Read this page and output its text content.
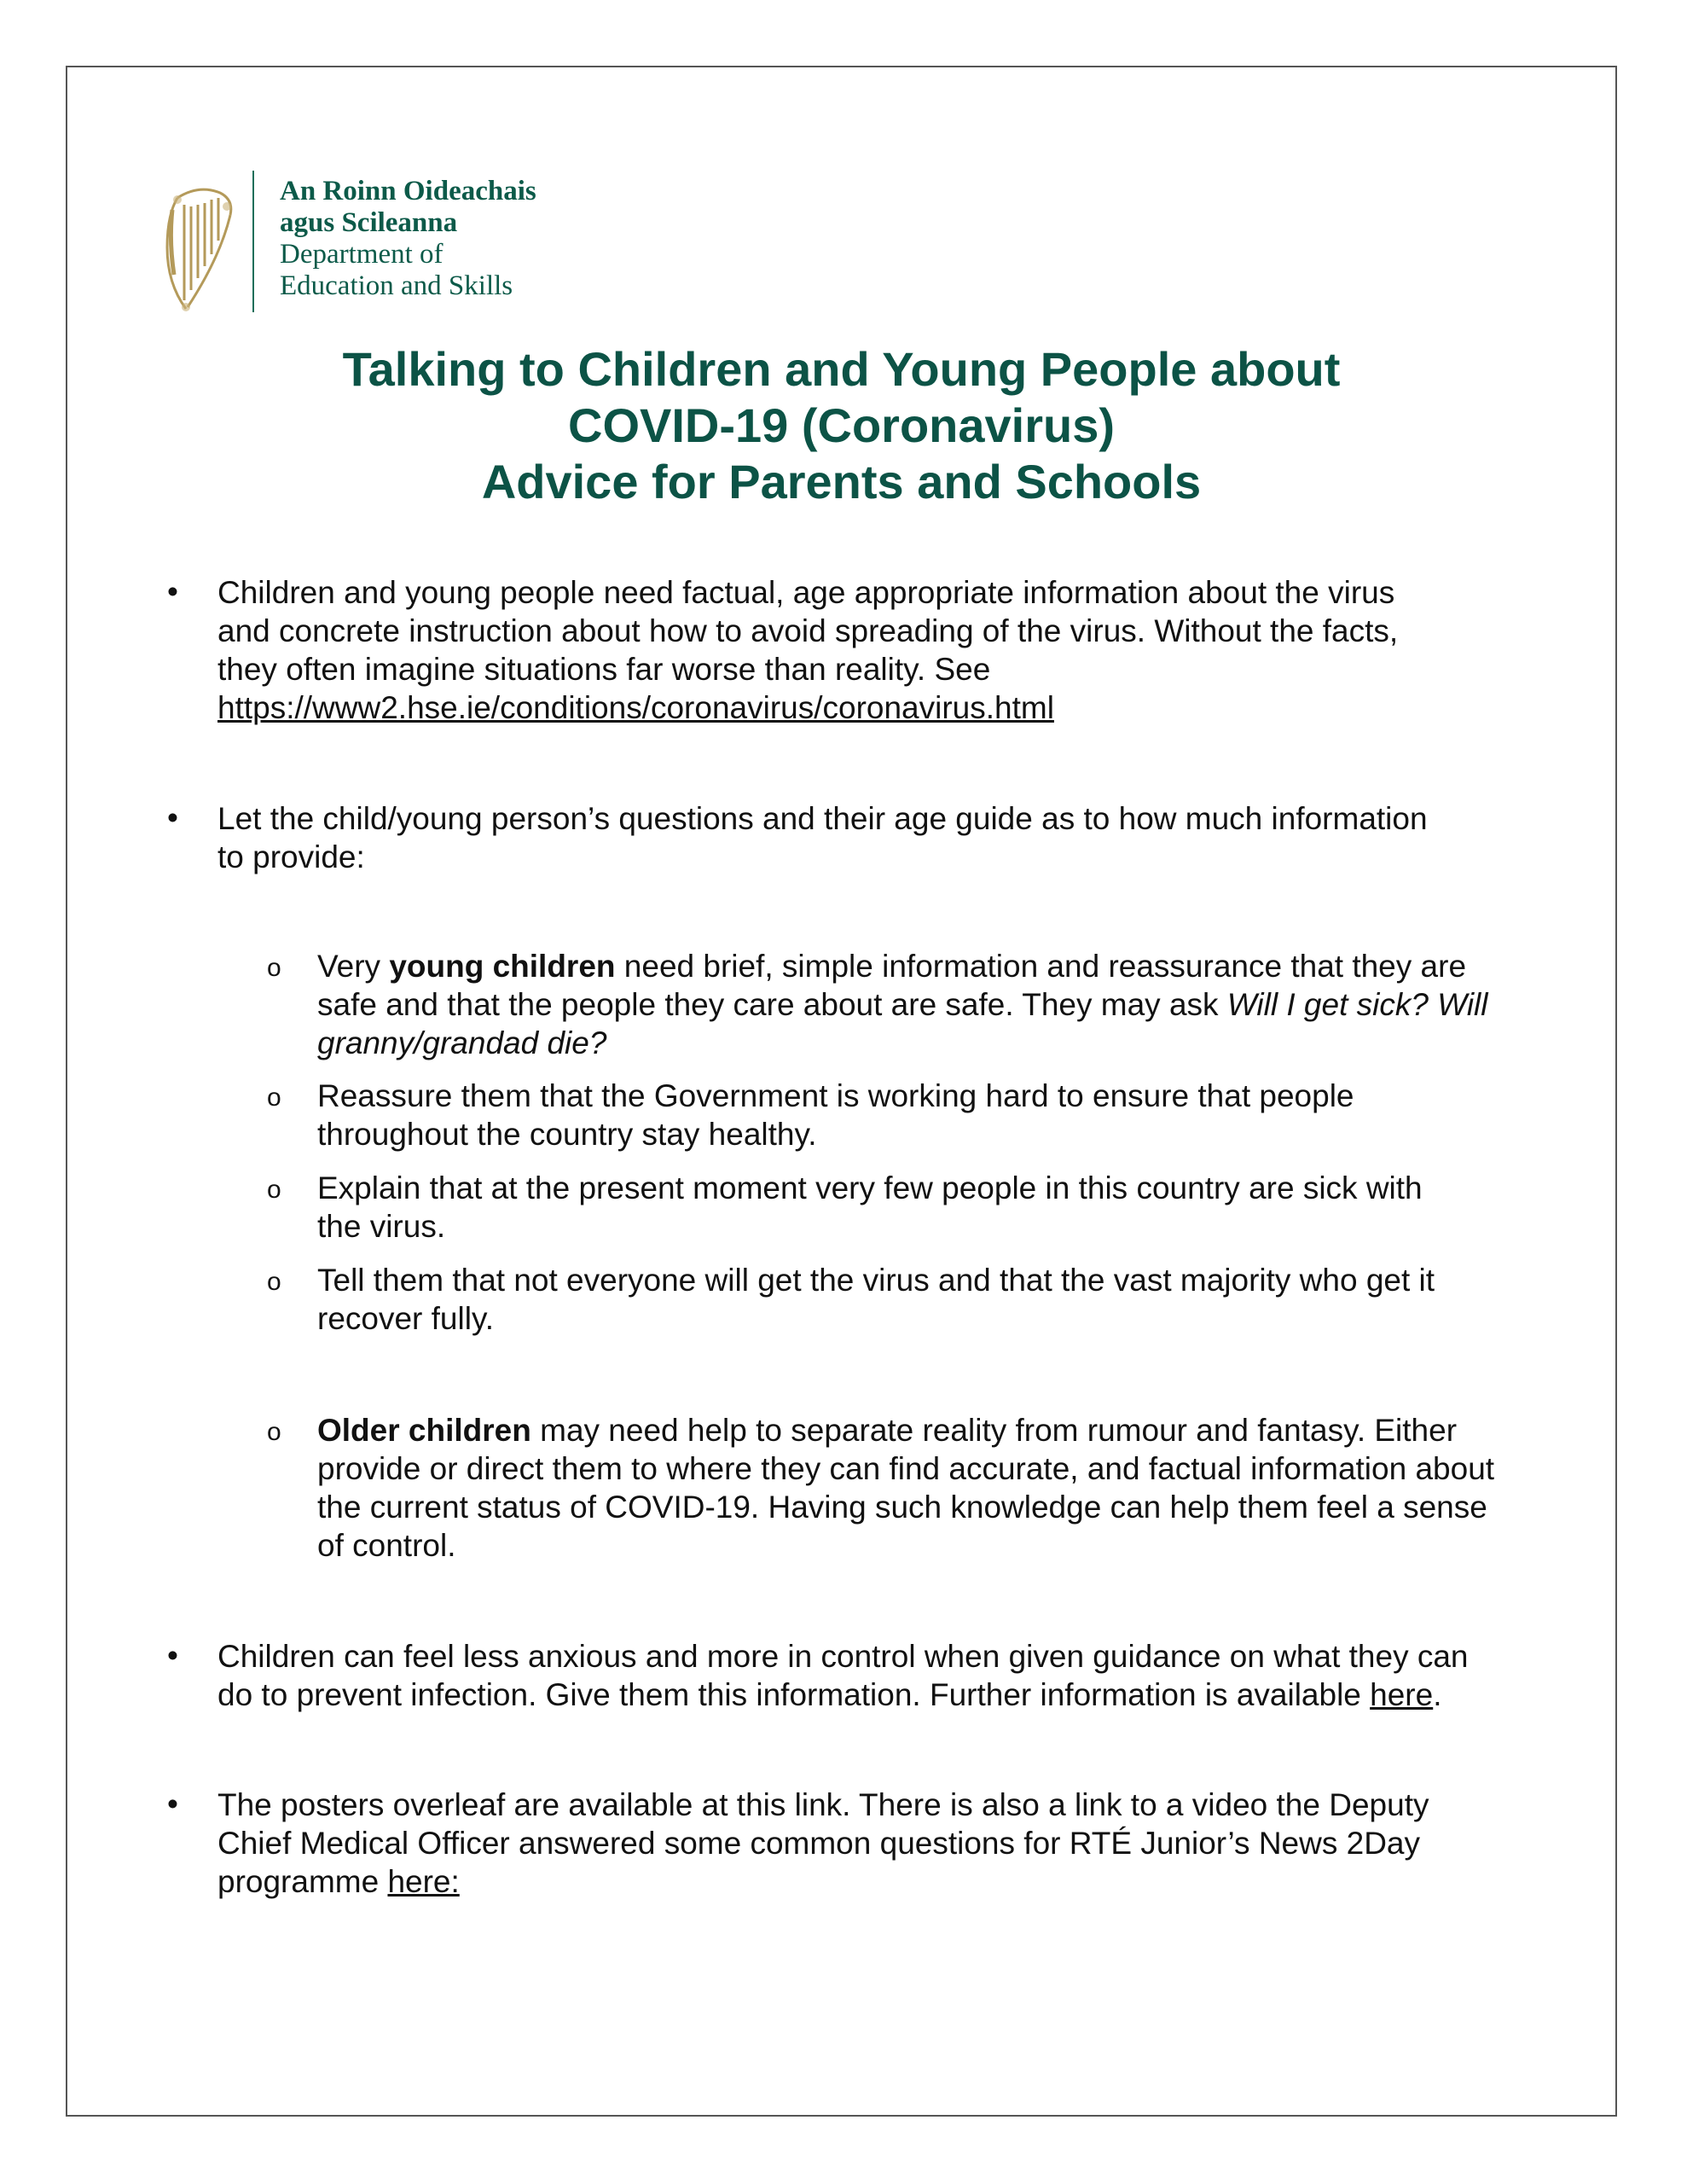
An Roinn Oideachais
agus Scileanna
Department of
Education and Skills
Talking to Children and Young People about
COVID-19 (Coronavirus)
Advice for Parents and Schools
• Children and young people need factual, age appropriate information about the virus
and concrete instruction about how to avoid spreading of the virus. Without the facts,
they often imagine situations far worse than reality. See
https://www2.hse.ie/conditions/coronavirus/coronavirus.html
• Let the child/young person’s questions and their age guide as to how much information
to provide:
o Very young children need brief, simple information and reassurance that they are
safe and that the people they care about are safe. They may ask Will I get sick? Will
granny/grandad die?
o Reassure them that the Government is working hard to ensure that people
throughout the country stay healthy.
o Explain that at the present moment very few people in this country are sick with
the virus.
o Tell them that not everyone will get the virus and that the vast majority who get it
recover fully.
o Older children may need help to separate reality from rumour and fantasy. Either
provide or direct them to where they can find accurate, and factual information about
the current status of COVID-19. Having such knowledge can help them feel a sense
of control.
• Children can feel less anxious and more in control when given guidance on what they can
do to prevent infection. Give them this information. Further information is available here.
• The posters overleaf are available at this link. There is also a link to a video the Deputy
Chief Medical Officer answered some common questions for RTÉ Junior’s News 2Day
programme here:
